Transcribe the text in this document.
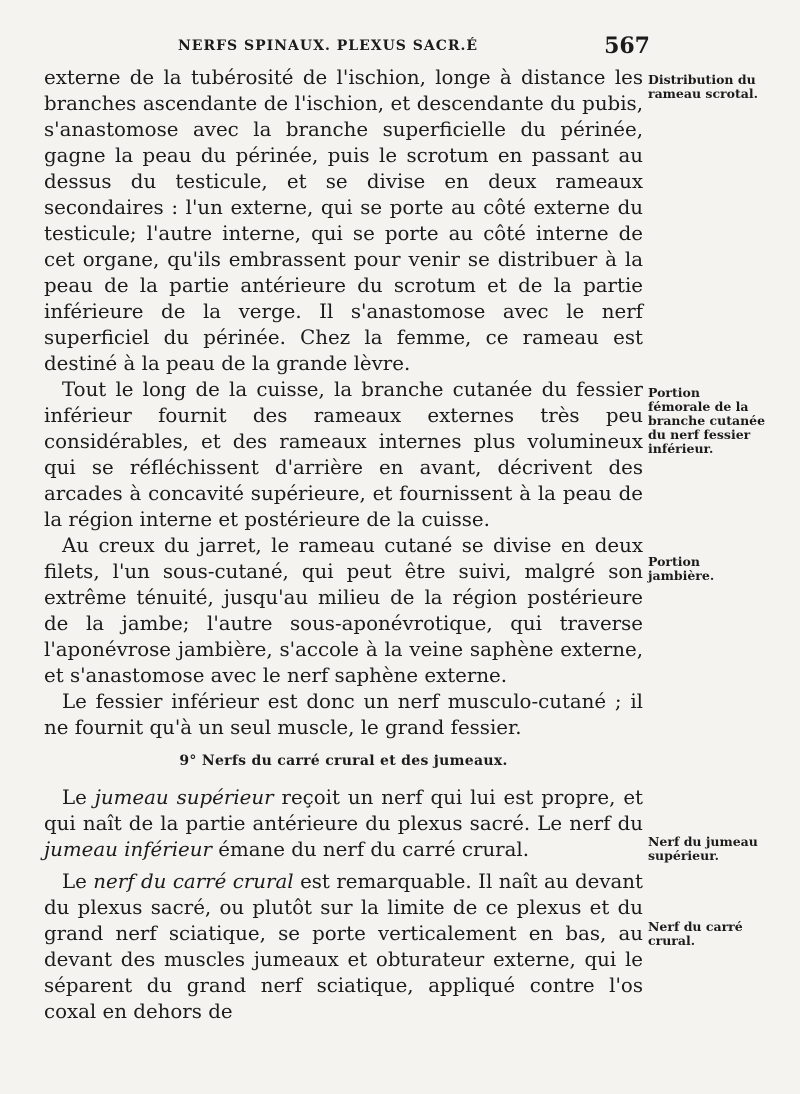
NERFS SPINAUX. PLEXUS SACR.É	567

externe de la tubérosité de l'ischion, longe à distance les branches ascendante de l'ischion, et descendante du pubis, s'anastomose avec la branche superficielle du périnée, gagne la peau du périnée, puis le scrotum en passant au dessus du testicule, et se divise en deux rameaux secondaires : l'un externe, qui se porte au côté externe du testicule; l'autre interne, qui se porte au côté interne de cet organe, qu'ils embrassent pour venir se distribuer à la peau de la partie antérieure du scrotum et de la partie inférieure de la verge. Il s'anastomose avec le nerf superficiel du périnée. Chez la femme, ce rameau est destiné à la peau de la grande lèvre.

Tout le long de la cuisse, la branche cutanée du fessier inférieur fournit des rameaux externes très peu considérables, et des rameaux internes plus volumineux qui se réfléchissent d'arrière en avant, décrivent des arcades à concavité supérieure, et fournissent à la peau de la région interne et postérieure de la cuisse.

Au creux du jarret, le rameau cutané se divise en deux filets, l'un sous-cutané, qui peut être suivi, malgré son extrême ténuité, jusqu'au milieu de la région postérieure de la jambe; l'autre sous-aponévrotique, qui traverse l'aponévrose jambière, s'accole à la veine saphène externe, et s'anastomose avec le nerf saphène externe.

Le fessier inférieur est donc un nerf musculo-cutané ; il ne fournit qu'à un seul muscle, le grand fessier.

9° Nerfs du carré crural et des jumeaux.

Le jumeau supérieur reçoit un nerf qui lui est propre, et qui naît de la partie antérieure du plexus sacré. Le nerf du jumeau inférieur émane du nerf du carré crural.

Le nerf du carré crural est remarquable. Il naît au devant du plexus sacré, ou plutôt sur la limite de ce plexus et du grand nerf sciatique, se porte verticalement en bas, au devant des muscles jumeaux et obturateur externe, qui le séparent du grand nerf sciatique, appliqué contre l'os coxal en dehors de

Distribution du rameau scrotal.
Portion fémorale de la branche cutanée du nerf fessier inférieur.
Portion jambière.
Nerf du jumeau supérieur.
Nerf du carré crural.
